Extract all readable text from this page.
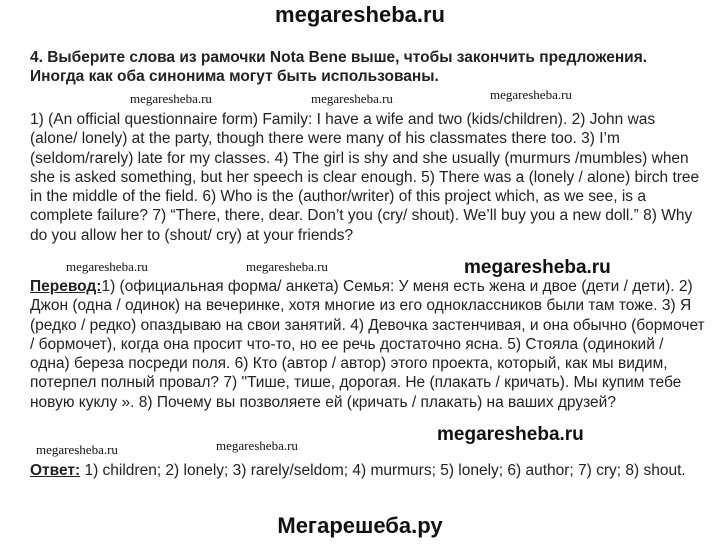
megaresheba.ru
4. Выберите слова из рамочки Nota Bene выше, чтобы закончить предложения. Иногда как оба синонима могут быть использованы.
1) (An official questionnaire form) Family: I have a wife and two (kids/children). 2) John was (alone/ lonely) at the party, though there were many of his classmates there too. 3) I’m (seldom/rarely) late for my classes. 4) The girl is shy and she usually (murmurs /mumbles) when she is asked something, but her speech is clear enough. 5) There was a (lonely / alone) birch tree in the middle of the field. 6) Who is the (author/writer) of this project which, as we see, is a complete failure? 7) “There, there, dear. Don’t you (cry/ shout). We’ll buy you a new doll.” 8) Why do you allow her to (shout/ cry) at your friends?
Перевод:1) (официальная форма/ анкета) Семья: У меня есть жена и двое (дети / дети). 2) Джон (одна / одинок) на вечеринке, хотя многие из его одноклассников были там тоже. 3) Я (редко / редко) опаздываю на свои занятий. 4) Девочка застенчивая, и она обычно (бормочет / бормочет), когда она просит что-то, но ее речь достаточно ясна. 5) Стояла (одинокий / одна) береза посреди поля. 6) Кто (автор / автор) этого проекта, который, как мы видим, потерпел полный провал? 7) "Тише, тише, дорогая. Не (плакать / кричать). Мы купим тебе новую куклу ». 8) Почему вы позволяете ей (кричать / плакать) на ваших друзей?
Ответ: 1) children; 2) lonely; 3) rarely/seldom; 4) murmurs; 5) lonely; 6) author; 7) cry; 8) shout.
megaresheba.ru	megaresheba.ru	megaresheba.ru
megaresheba.ru	megaresheba.ru	megaresheba.ru
megaresheba.ru
megaresheba.ru	megaresheba.ru
Мегарешеба.ру
